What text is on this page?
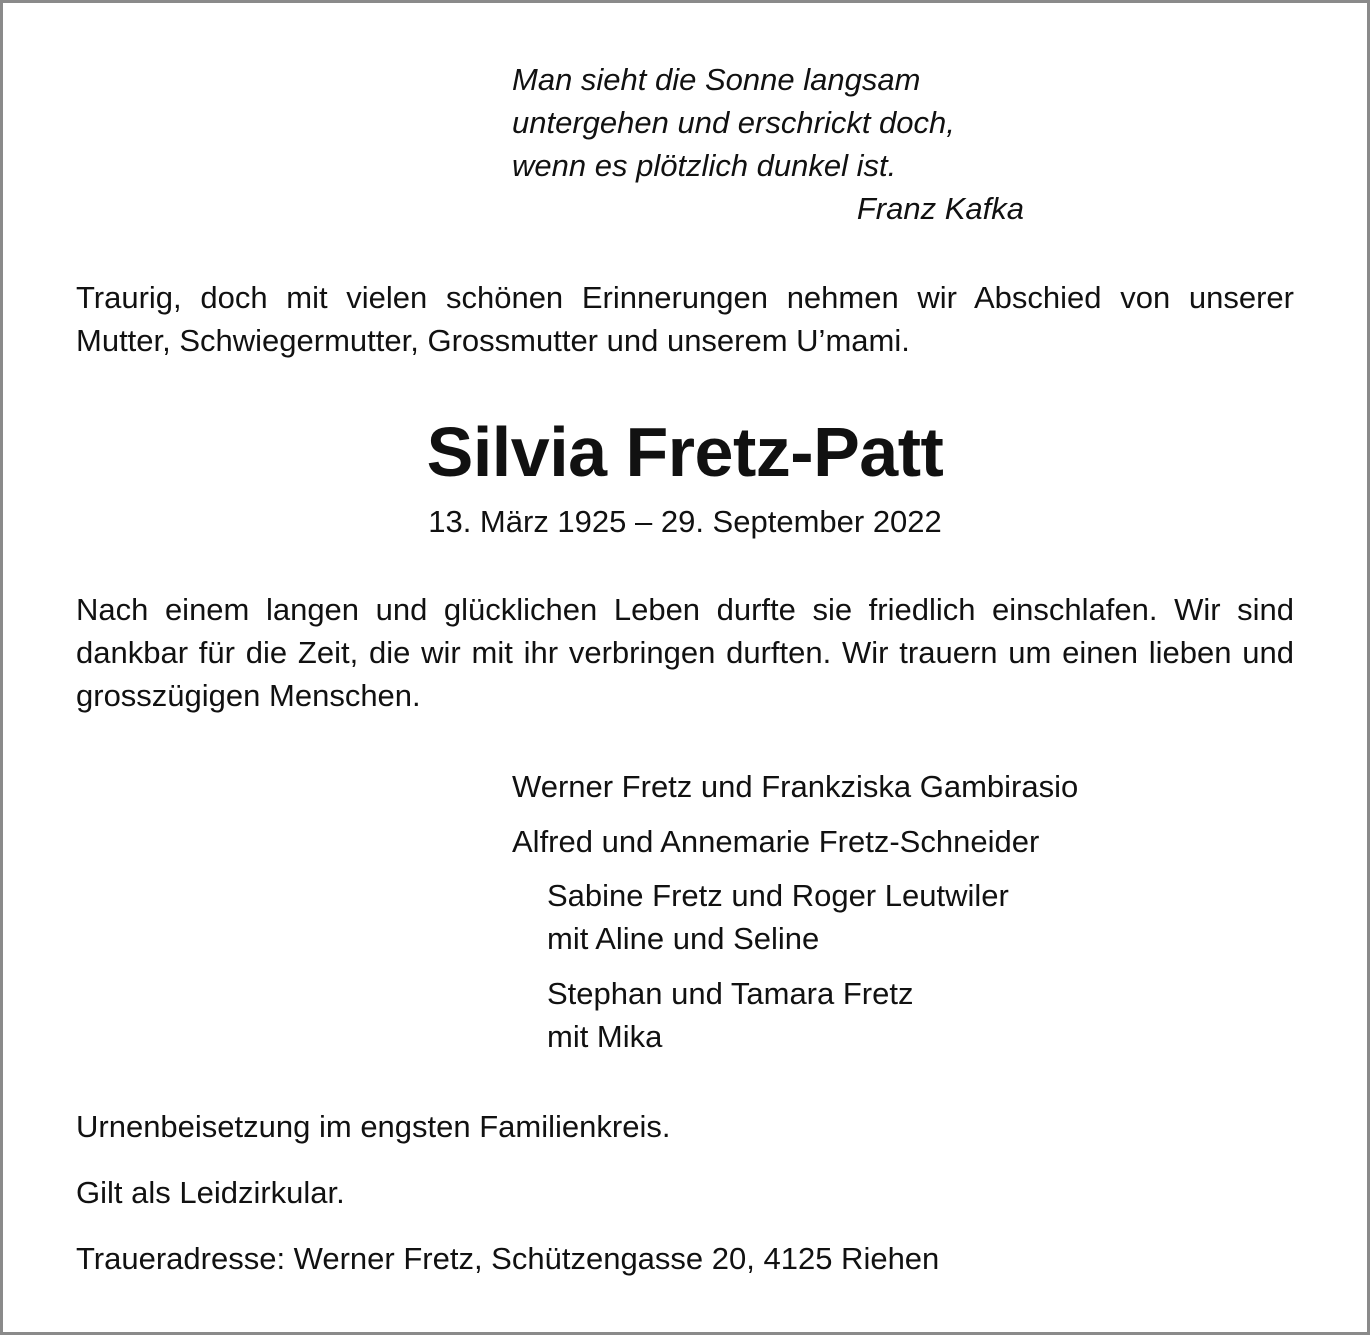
Man sieht die Sonne langsam
untergehen und erschrickt doch,
wenn es plötzlich dunkel ist.
Franz Kafka
Traurig, doch mit vielen schönen Erinnerungen nehmen wir Abschied von unserer Mutter, Schwiegermutter, Grossmutter und unserem U’mami.
Silvia Fretz-Patt
13. März 1925 – 29. September 2022
Nach einem langen und glücklichen Leben durfte sie friedlich einschlafen. Wir sind dankbar für die Zeit, die wir mit ihr verbringen durften. Wir trauern um einen lieben und grosszügigen Menschen.
Werner Fretz und Frankziska Gambirasio
Alfred und Annemarie Fretz-Schneider
Sabine Fretz und Roger Leutwiler
mit Aline und Seline
Stephan und Tamara Fretz
mit Mika
Urnenbeisetzung im engsten Familienkreis.
Gilt als Leidzirkular.
Traueradresse: Werner Fretz, Schützengasse 20, 4125 Riehen
